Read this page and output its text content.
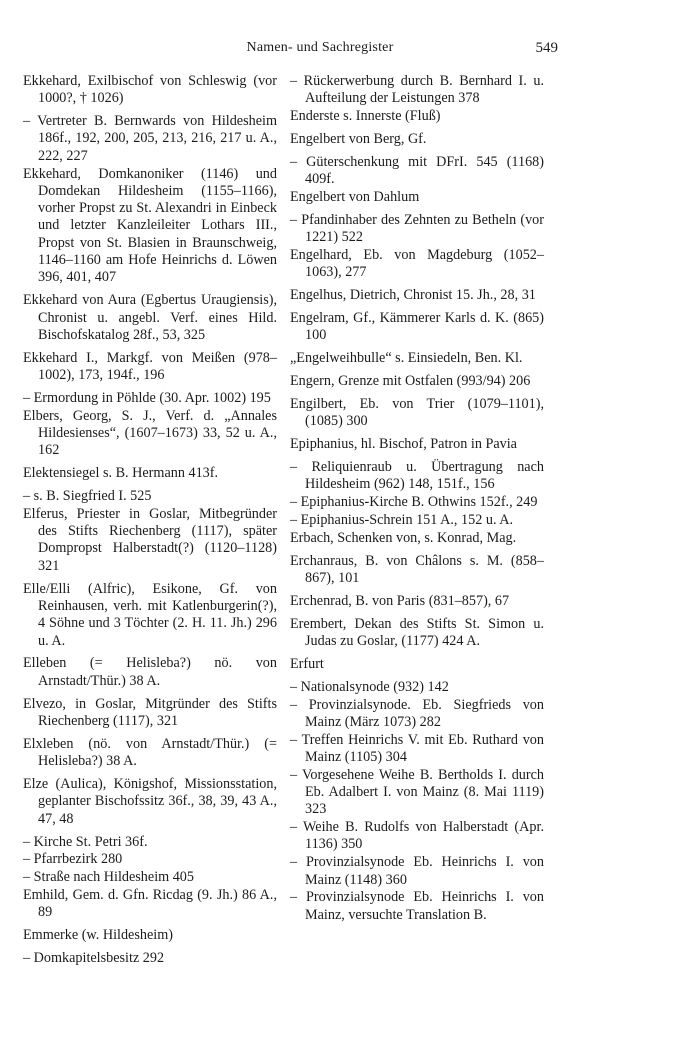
Namen- und Sachregister	549

Ekkehard, Exilbischof von Schleswig (vor 1000?, † 1026)

– Vertreter B. Bernwards von Hildesheim 186f., 192, 200, 205, 213, 216, 217 u. A., 222, 227

Ekkehard, Domkanoniker (1146) und Domdekan Hildesheim (1155–1166), vorher Propst zu St. Alexandri in Einbeck und letzter Kanzleileiter Lothars III., Propst von St. Blasien in Braunschweig, 1146–1160 am Hofe Heinrichs d. Löwen 396, 401, 407

Ekkehard von Aura (Egbertus Uraugiensis), Chronist u. angebl. Verf. eines Hild. Bischofskatalog 28f., 53, 325

Ekkehard I., Markgf. von Meißen (978–1002), 173, 194f., 196

– Ermordung in Pöhlde (30. Apr. 1002) 195

Elbers, Georg, S. J., Verf. d. „Annales Hildesienses“, (1607–1673) 33, 52 u. A., 162

Elektensiegel s. B. Hermann 413f.

– s. B. Siegfried I. 525

Elferus, Priester in Goslar, Mitbegründer des Stifts Riechenberg (1117), später Dompropst Halberstadt(?) (1120–1128) 321

Elle/Elli (Alfric), Esikone, Gf. von Reinhausen, verh. mit Katlenburgerin(?), 4 Söhne und 3 Töchter (2. H. 11. Jh.) 296 u. A.

Elleben (= Helisleba?) nö. von Arnstadt/Thür.) 38 A.

Elvezo, in Goslar, Mitgründer des Stifts Riechenberg (1117), 321

Elxleben (nö. von Arnstadt/Thür.) (= Helisleba?) 38 A.

Elze (Aulica), Königshof, Missionsstation, geplanter Bischofssitz 36f., 38, 39, 43 A., 47, 48

– Kirche St. Petri 36f.

– Pfarrbezirk 280

– Straße nach Hildesheim 405

Emhild, Gem. d. Gfn. Ricdag (9. Jh.) 86 A., 89

Emmerke (w. Hildesheim)

– Domkapitelsbesitz 292

– Rückerwerbung durch B. Bernhard I. u. Aufteilung der Leistungen 378

Enderste s. Innerste (Fluß)

Engelbert von Berg, Gf.

– Güterschenkung mit DFrI. 545 (1168) 409f.

Engelbert von Dahlum

– Pfandinhaber des Zehnten zu Betheln (vor 1221) 522

Engelhard, Eb. von Magdeburg (1052–1063), 277

Engelhus, Dietrich, Chronist 15. Jh., 28, 31

Engelram, Gf., Kämmerer Karls d. K. (865) 100

„Engelweihbulle“ s. Einsiedeln, Ben. Kl.

Engern, Grenze mit Ostfalen (993/94) 206

Engilbert, Eb. von Trier (1079–1101), (1085) 300

Epiphanius, hl. Bischof, Patron in Pavia

– Reliquienraub u. Übertragung nach Hildesheim (962) 148, 151f., 156

– Epiphanius-Kirche B. Othwins 152f., 249

– Epiphanius-Schrein 151 A., 152 u. A.

Erbach, Schenken von, s. Konrad, Mag.

Erchanraus, B. von Châlons s. M. (858–867), 101

Erchenrad, B. von Paris (831–857), 67

Erembert, Dekan des Stifts St. Simon u. Judas zu Goslar, (1177) 424 A.

Erfurt

– Nationalsynode (932) 142

– Provinzialsynode. Eb. Siegfrieds von Mainz (März 1073) 282

– Treffen Heinrichs V. mit Eb. Ruthard von Mainz (1105) 304

– Vorgesehene Weihe B. Bertholds I. durch Eb. Adalbert I. von Mainz (8. Mai 1119) 323

– Weihe B. Rudolfs von Halberstadt (Apr. 1136) 350

– Provinzialsynode Eb. Heinrichs I. von Mainz (1148) 360

– Provinzialsynode Eb. Heinrichs I. von Mainz, versuchte Translation B.
